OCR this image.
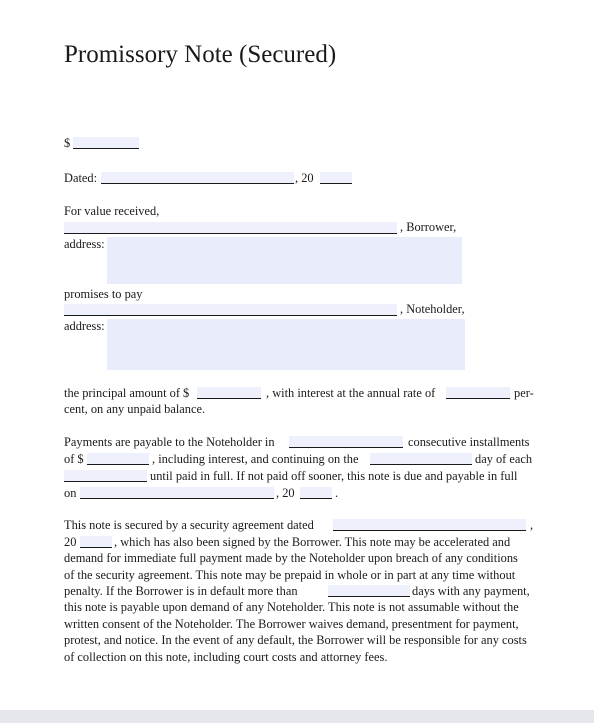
Promissory Note (Secured)
$
Dated:	, 20
For value received,
, Borrower,
address:
promises to pay
, Noteholder,
address:
the principal amount of $	, with interest at the annual rate of	per-
cent, on any unpaid balance.
Payments are payable to the Noteholder in	consecutive installments
of $	, including interest, and continuing on the	day of each
until paid in full. If not paid off sooner, this note is due and payable in full
on	, 20	.
This note is secured by a security agreement dated	,
20	, which has also been signed by the Borrower. This note may be accelerated and
demand for immediate full payment made by the Noteholder upon breach of any conditions
of the security agreement. This note may be prepaid in whole or in part at any time without
penalty. If the Borrower is in default more than	days with any payment,
this note is payable upon demand of any Noteholder. This note is not assumable without the
written consent of the Noteholder. The Borrower waives demand, presentment for payment,
protest, and notice. In the event of any default, the Borrower will be responsible for any costs
of collection on this note, including court costs and attorney fees.
